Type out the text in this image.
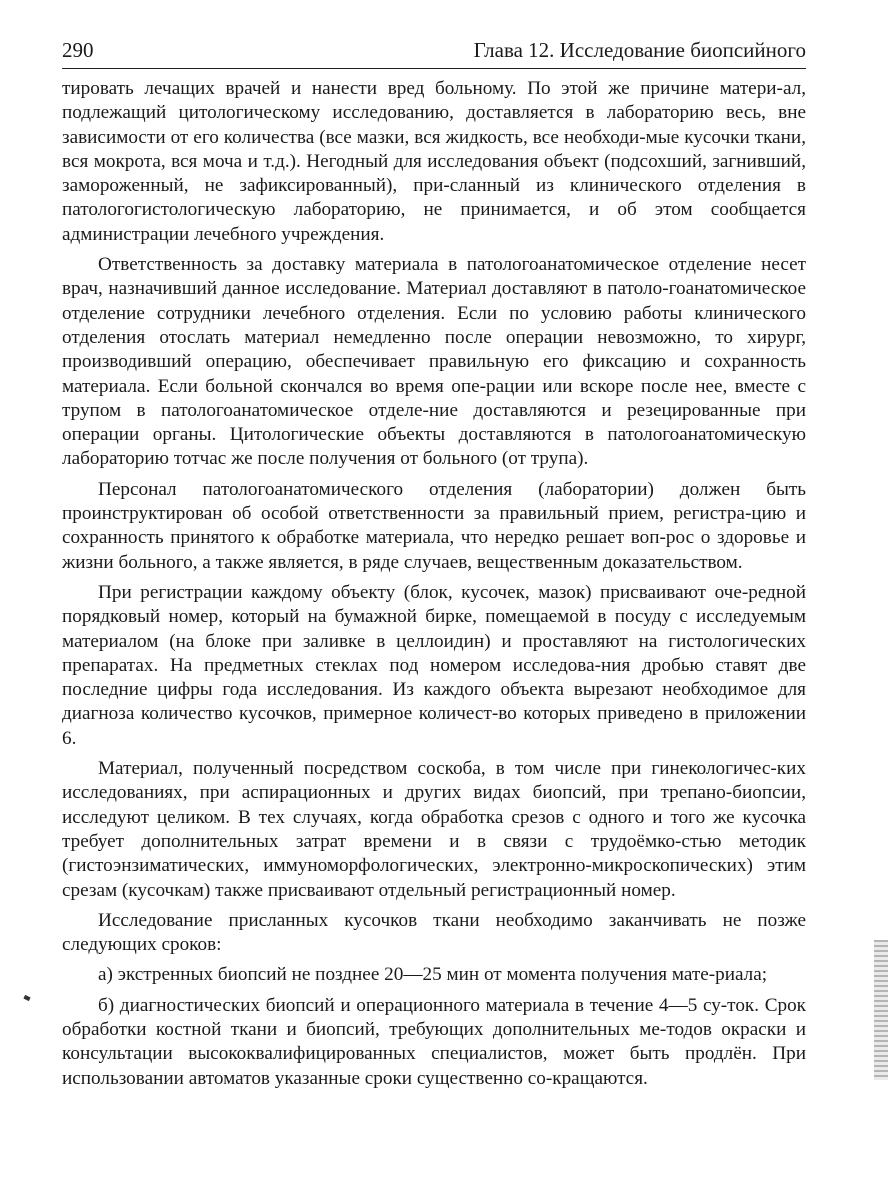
290	Глава 12. Исследование биопсийного

тировать лечащих врачей и нанести вред больному. По этой же причине матери-ал, подлежащий цитологическому исследованию, доставляется в лабораторию весь, вне зависимости от его количества (все мазки, вся жидкость, все необходи-мые кусочки ткани, вся мокрота, вся моча и т.д.). Негодный для исследования объект (подсохший, загнивший, замороженный, не зафиксированный), при-сланный из клинического отделения в патологогистологическую лабораторию, не принимается, и об этом сообщается администрации лечебного учреждения.

Ответственность за доставку материала в патологоанатомическое отделение несет врач, назначивший данное исследование. Материал доставляют в патоло-гоанатомическое отделение сотрудники лечебного отделения. Если по условию работы клинического отделения отослать материал немедленно после операции невозможно, то хирург, производивший операцию, обеспечивает правильную его фиксацию и сохранность материала. Если больной скончался во время опе-рации или вскоре после нее, вместе с трупом в патологоанатомическое отделе-ние доставляются и резецированные при операции органы. Цитологические объекты доставляются в патологоанатомическую лабораторию тотчас же после получения от больного (от трупа).

Персонал патологоанатомического отделения (лаборатории) должен быть проинструктирован об особой ответственности за правильный прием, регистра-цию и сохранность принятого к обработке материала, что нередко решает воп-рос о здоровье и жизни больного, а также является, в ряде случаев, вещественным доказательством.

При регистрации каждому объекту (блок, кусочек, мазок) присваивают оче-редной порядковый номер, который на бумажной бирке, помещаемой в посуду с исследуемым материалом (на блоке при заливке в целлоидин) и проставляют на гистологических препаратах. На предметных стеклах под номером исследова-ния дробью ставят две последние цифры года исследования. Из каждого объекта вырезают необходимое для диагноза количество кусочков, примерное количест-во которых приведено в приложении 6.

Материал, полученный посредством соскоба, в том числе при гинекологичес-ких исследованиях, при аспирационных и других видах биопсий, при трепано-биопсии, исследуют целиком. В тех случаях, когда обработка срезов с одного и того же кусочка требует дополнительных затрат времени и в связи с трудоёмко-стью методик (гистоэнзиматических, иммуноморфологических, электронно-микроскопических) этим срезам (кусочкам) также присваивают отдельный регистрационный номер.

Исследование присланных кусочков ткани необходимо заканчивать не позже следующих сроков:

а) экстренных биопсий не позднее 20—25 мин от момента получения мате-риала;

б) диагностических биопсий и операционного материала в течение 4—5 су-ток. Срок обработки костной ткани и биопсий, требующих дополнительных ме-тодов окраски и консультации высококвалифицированных специалистов, может быть продлён. При использовании автоматов указанные сроки существенно со-кращаются.
